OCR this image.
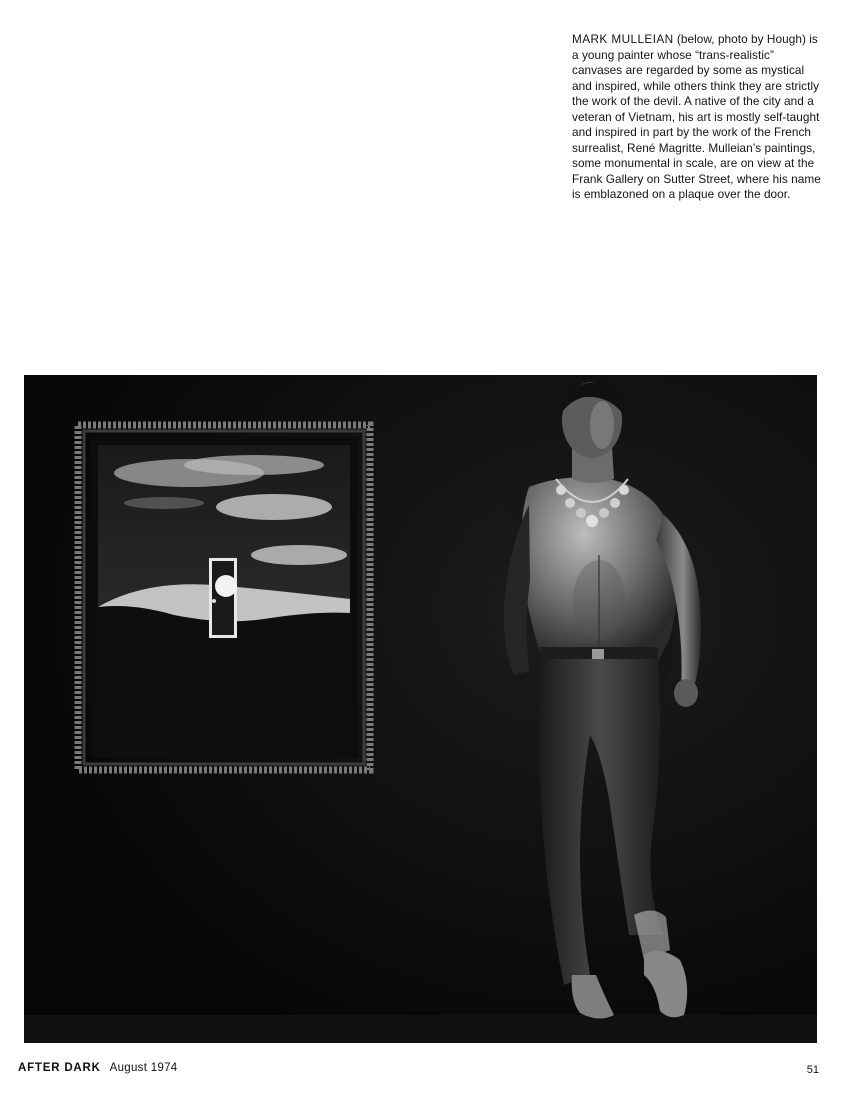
MARK MULLEIAN (below, photo by Hough) is a young painter whose “trans-realistic” canvases are regarded by some as mystical and inspired, while others think they are strictly the work of the devil. A native of the city and a veteran of Vietnam, his art is mostly self-taught and inspired in part by the work of the French surrealist, René Magritte. Mulleian’s paintings, some monumental in scale, are on view at the Frank Gallery on Sutter Street, where his name is emblazoned on a plaque over the door.

AFTER DARK August 1974	51
